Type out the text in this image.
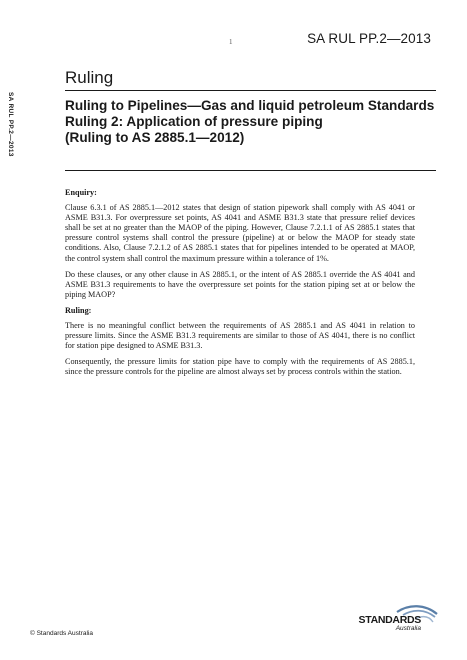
1	SA RUL PP.2—2013
SA RUL PP.2—2013
Ruling
Ruling to Pipelines—Gas and liquid petroleum Standards
Ruling 2: Application of pressure piping
(Ruling to AS 2885.1—2012)
Enquiry:

Clause 6.3.1 of AS 2885.1—2012 states that design of station pipework shall comply with AS 4041 or ASME B31.3. For overpressure set points, AS 4041 and ASME B31.3 state that pressure relief devices shall be set at no greater than the MAOP of the piping. However, Clause 7.2.1.1 of AS 2885.1 states that pressure control systems shall control the pressure (pipeline) at or below the MAOP for steady state conditions. Also, Clause 7.2.1.2 of AS 2885.1 states that for pipelines intended to be operated at MAOP, the control system shall control the maximum pressure within a tolerance of 1%.

Do these clauses, or any other clause in AS 2885.1, or the intent of AS 2885.1 override the AS 4041 and ASME B31.3 requirements to have the overpressure set points for the station piping set at or below the piping MAOP?

Ruling:

There is no meaningful conflict between the requirements of AS 2885.1 and AS 4041 in relation to pressure limits. Since the ASME B31.3 requirements are similar to those of AS 4041, there is no conflict for station pipe designed to ASME B31.3.

Consequently, the pressure limits for station pipe have to comply with the requirements of AS 2885.1, since the pressure controls for the pipeline are almost always set by process controls within the station.

© Standards Australia
STANDARDS
Australia
